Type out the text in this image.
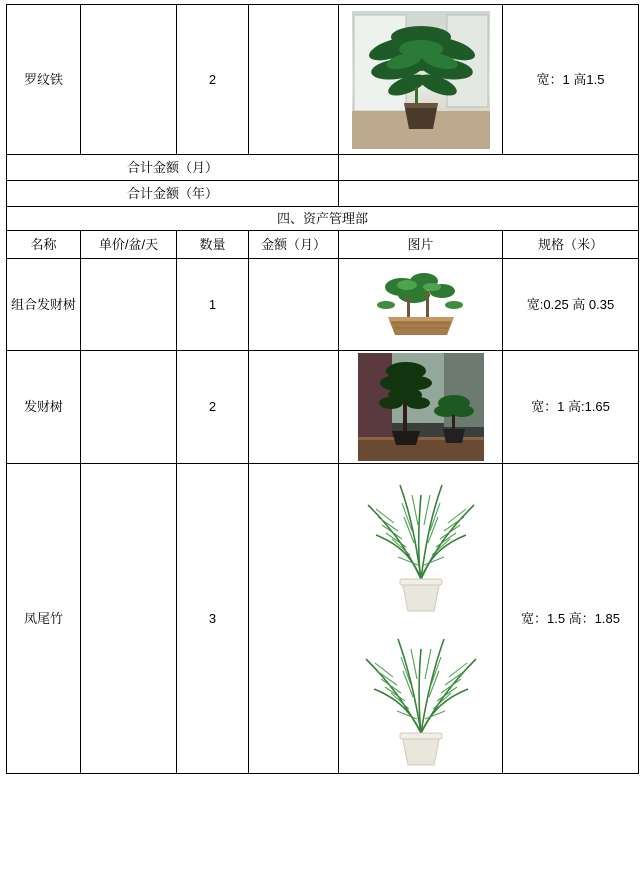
罗纹铁		2			宽：1 高1.5
合计金额（月）					
合计金额（年）					
四、资产管理部					
名称	单价/盆/天	数量	金额（月）	图片	规格（米）
组合发财树		1			宽:0.25 高 0.35
发财树		2			宽：1 高:1.65
凤尾竹		3			宽：1.5 高：1.85
